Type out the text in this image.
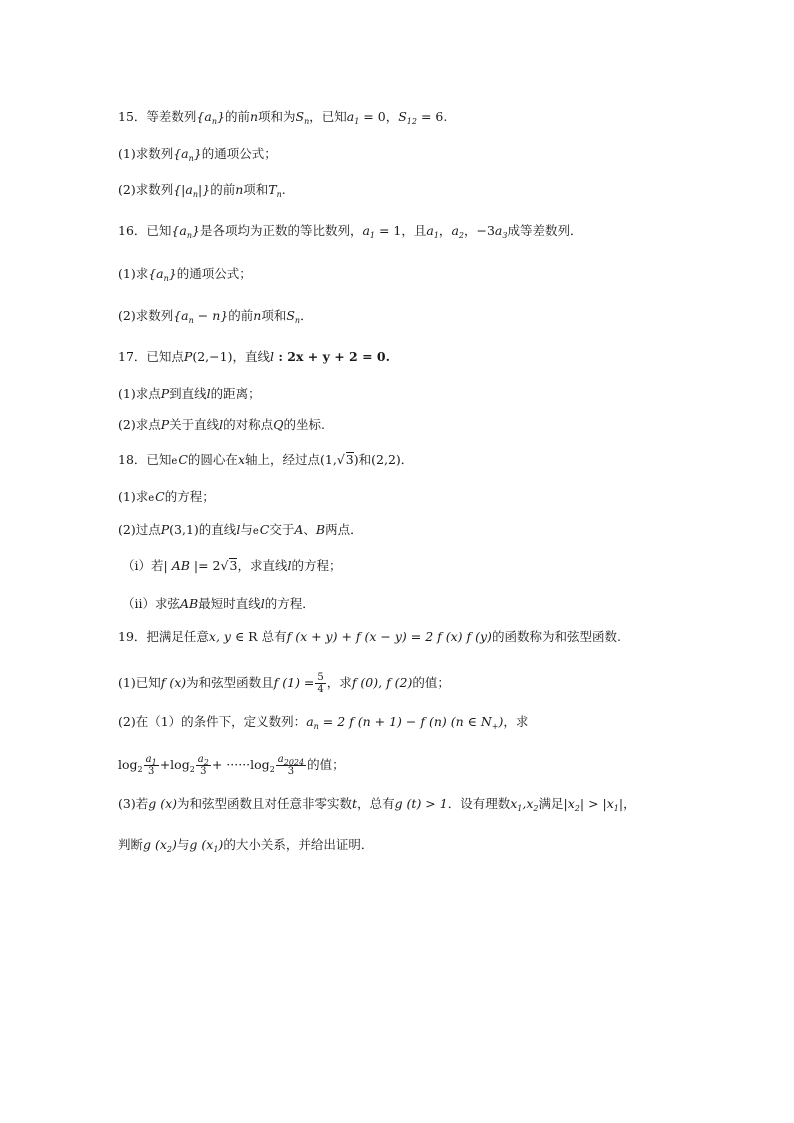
15．等差数列$\{a_n\}$的前n项和为$S_n$，已知$a_1 = 0$，$S_{12} = 6$.
(1)求数列$\{a_n\}$的通项公式；
(2)求数列$\{|a_n|\}$的前n项和$T_n$.
16．已知$\{a_n\}$是各项均为正数的等比数列，$a_1 = 1$，且$a_1$，$a_2$，$-3a_3$成等差数列．
(1)求$\{a_n\}$的通项公式；
(2)求数列$\{a_n - n\}$的前n项和$S_n$．
17．已知点P(2,−1)，直线l : 2x + y + 2 = 0.
(1)求点P到直线l的距离；
(2)求点P关于直线l的对称点Q的坐标.
18．已知eC的圆心在x轴上，经过点(1,√3)和(2,2)．
(1)求eC的方程；
(2)过点P(3,1)的直线l与eC交于A、B两点．
（ⅰ）若| AB |= 2√3，求直线l的方程；
（ⅱ）求弦AB最短时直线l的方程．
19．把满足任意x, y ∈ R 总有f (x + y) + f (x − y) = 2 f (x) f (y)的函数称为和弦型函数.
(1)已知f (x)为和弦型函数且f $(1) = \frac{5}{4}$ ，求f (0), f (2)的值；
(2)在（1）的条件下，定义数列：$a_n = 2$ f (n + 1) − f (n) (n ∈ $N_+$)，求
$\log_2 \frac{a_1}{3} +\log_2 \frac{a_2}{3} + \cdot\cdot\cdot\cdot\cdot\cdot\log_2 \frac{a_{2024}}{3}$ 的值；
(3)若g (x)为和弦型函数且对任意非零实数t，总有g (t) > 1．设有理数$x_1,x_2$满足$|x_2| > |x_1|$，
判断g $(x_2)$与g $(x_1)$的大小关系，并给出证明．
